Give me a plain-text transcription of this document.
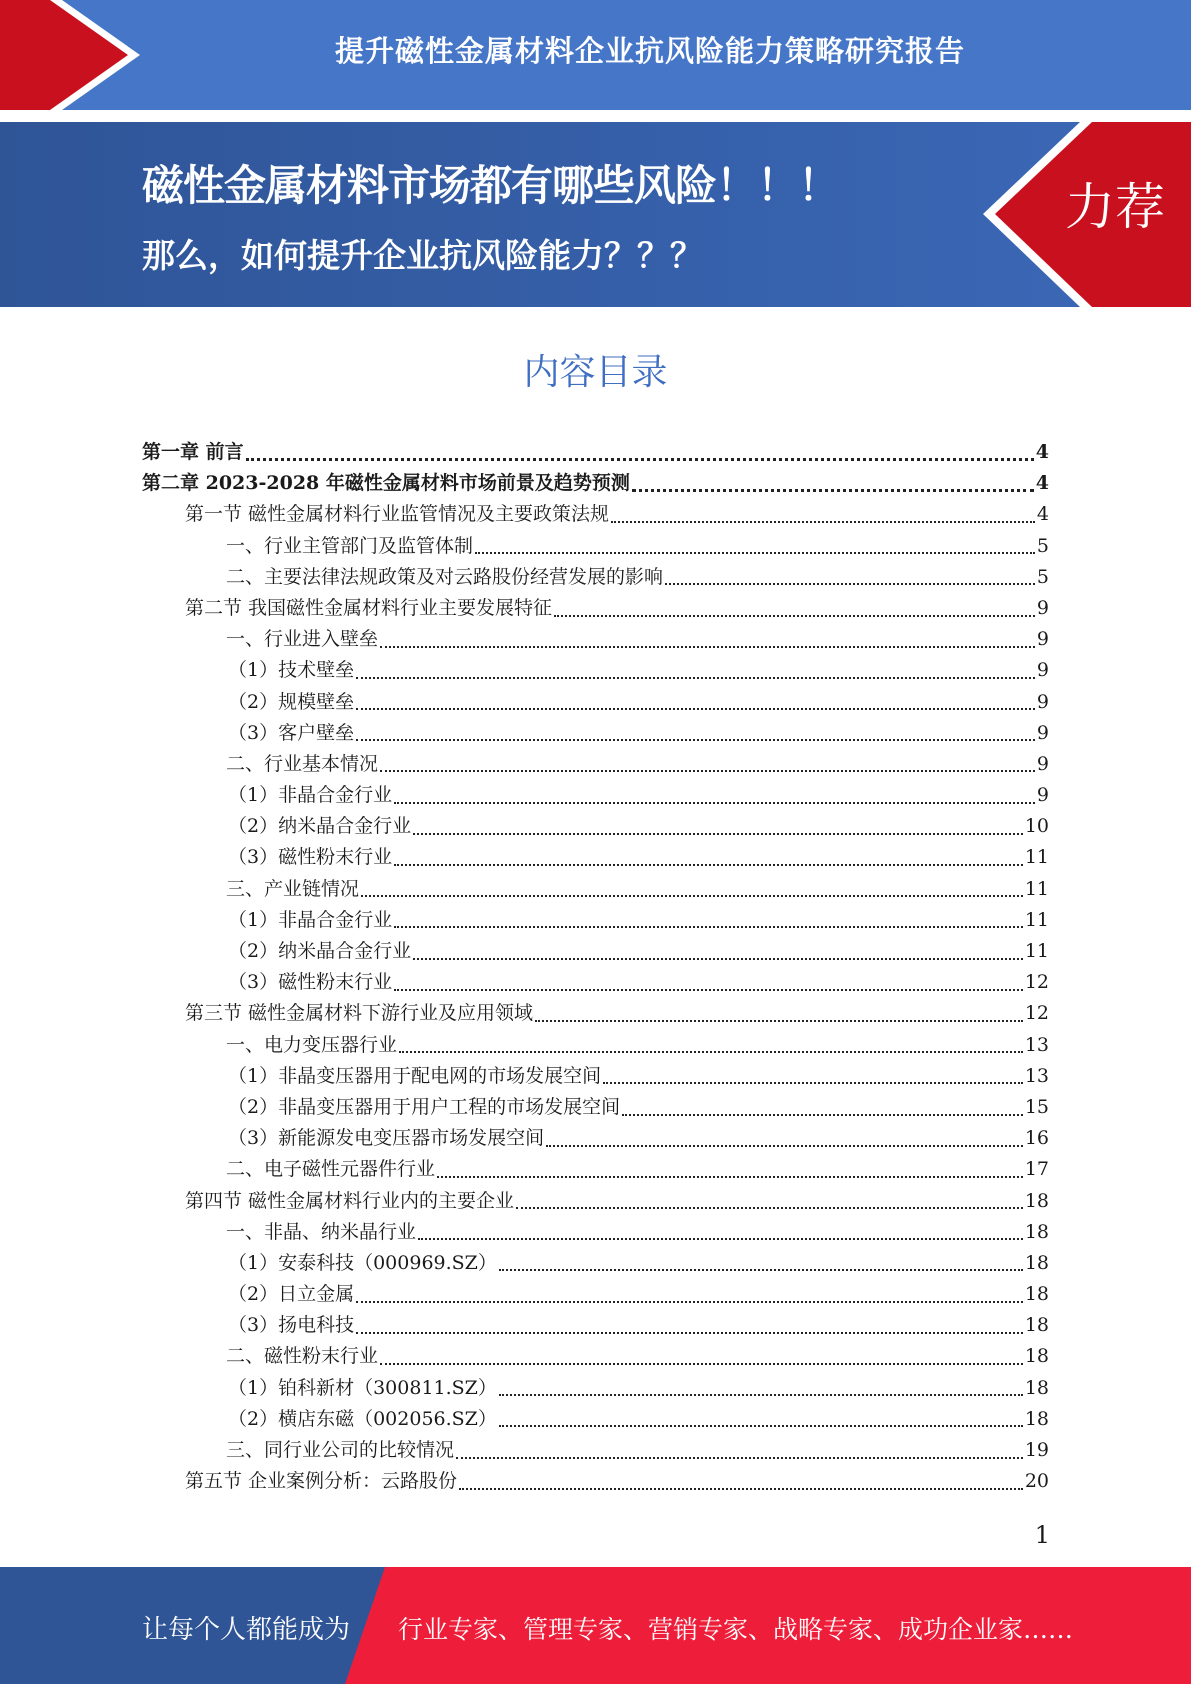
提升磁性金属材料企业抗风险能力策略研究报告
磁性金属材料市场都有哪些风险！！！
那么，如何提升企业抗风险能力？？？
力荐
内容目录
第一章 前言	4
第二章 2023-2028 年磁性金属材料市场前景及趋势预测	4
第一节 磁性金属材料行业监管情况及主要政策法规	4
一、行业主管部门及监管体制	5
二、主要法律法规政策及对云路股份经营发展的影响	5
第二节 我国磁性金属材料行业主要发展特征	9
一、行业进入壁垒	9
（1）技术壁垒	9
（2）规模壁垒	9
（3）客户壁垒	9
二、行业基本情况	9
（1）非晶合金行业	9
（2）纳米晶合金行业	10
（3）磁性粉末行业	11
三、产业链情况	11
（1）非晶合金行业	11
（2）纳米晶合金行业	11
（3）磁性粉末行业	12
第三节 磁性金属材料下游行业及应用领域	12
一、电力变压器行业	13
（1）非晶变压器用于配电网的市场发展空间	13
（2）非晶变压器用于用户工程的市场发展空间	15
（3）新能源发电变压器市场发展空间	16
二、电子磁性元器件行业	17
第四节 磁性金属材料行业内的主要企业	18
一、非晶、纳米晶行业	18
（1）安泰科技（000969.SZ）	18
（2）日立金属	18
（3）扬电科技	18
二、磁性粉末行业	18
（1）铂科新材（300811.SZ）	18
（2）横店东磁（002056.SZ）	18
三、同行业公司的比较情况	19
第五节 企业案例分析：云路股份	20
1
让每个人都能成为	行业专家、管理专家、营销专家、战略专家、成功企业家……
